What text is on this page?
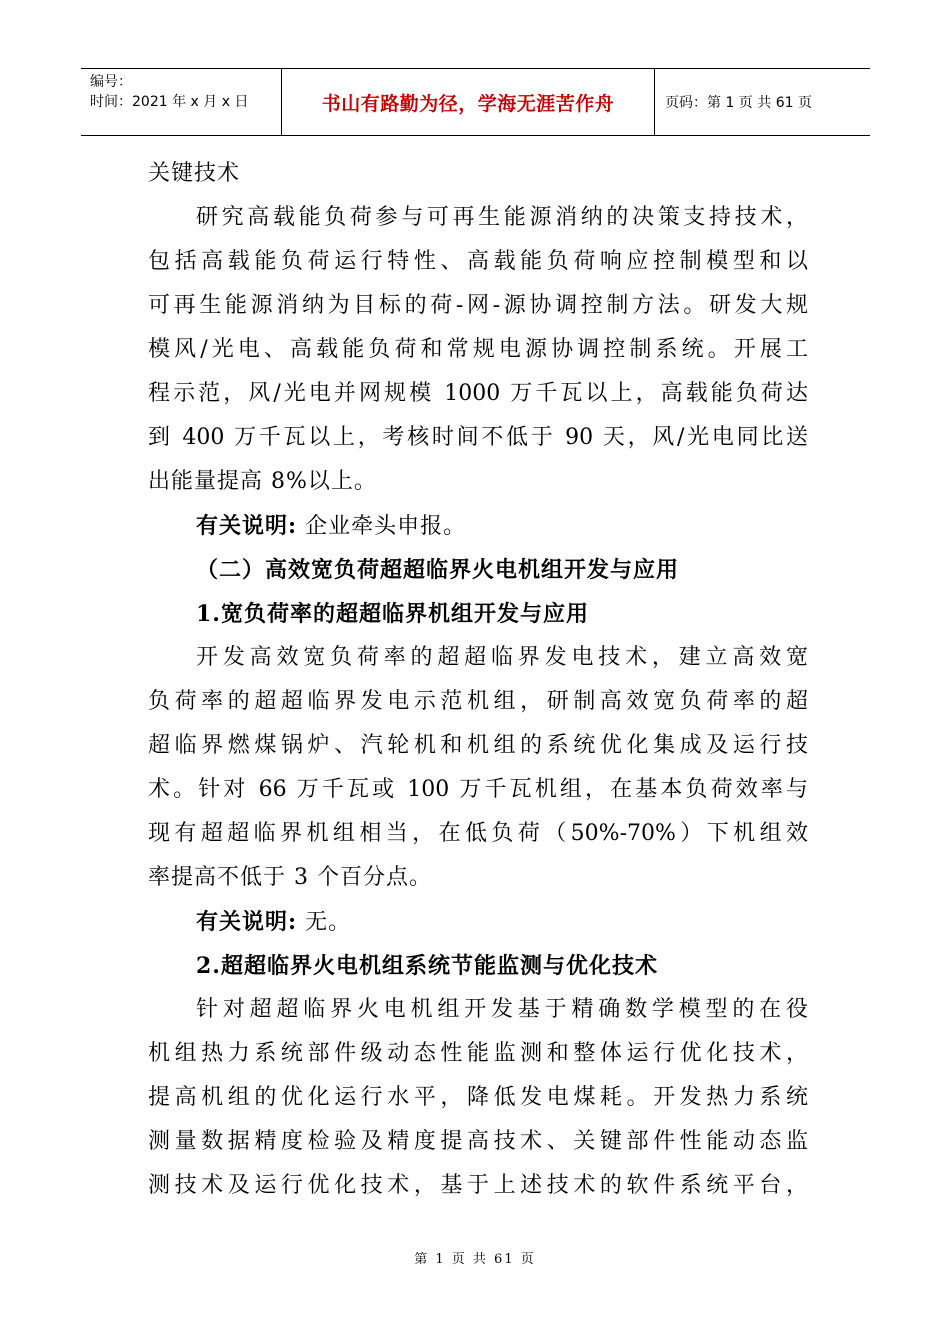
编号：
时间：2021 年 x 月 x 日	书山有路勤为径，学海无涯苦作舟	页码：第 1 页 共 61 页
关键技术
研究高载能负荷参与可再生能源消纳的决策支持技术，
包括高载能负荷运行特性、高载能负荷响应控制模型和以
可再生能源消纳为目标的荷-网-源协调控制方法。研发大规
模风/光电、高载能负荷和常规电源协调控制系统。开展工
程示范，风/光电并网规模 1000 万千瓦以上，高载能负荷达
到 400 万千瓦以上，考核时间不低于 90 天，风/光电同比送
出能量提高 8%以上。
有关说明: 企业牵头申报。
（二）高效宽负荷超超临界火电机组开发与应用
1.宽负荷率的超超临界机组开发与应用
开发高效宽负荷率的超超临界发电技术，建立高效宽
负荷率的超超临界发电示范机组，研制高效宽负荷率的超
超临界燃煤锅炉、汽轮机和机组的系统优化集成及运行技
术。针对 66 万千瓦或 100 万千瓦机组，在基本负荷效率与
现有超超临界机组相当，在低负荷（50%-70%）下机组效
率提高不低于 3 个百分点。
有关说明: 无。
2.超超临界火电机组系统节能监测与优化技术
针对超超临界火电机组开发基于精确数学模型的在役
机组热力系统部件级动态性能监测和整体运行优化技术，
提高机组的优化运行水平，降低发电煤耗。开发热力系统
测量数据精度检验及精度提高技术、关键部件性能动态监
测技术及运行优化技术，基于上述技术的软件系统平台，
第 1 页 共 61 页
